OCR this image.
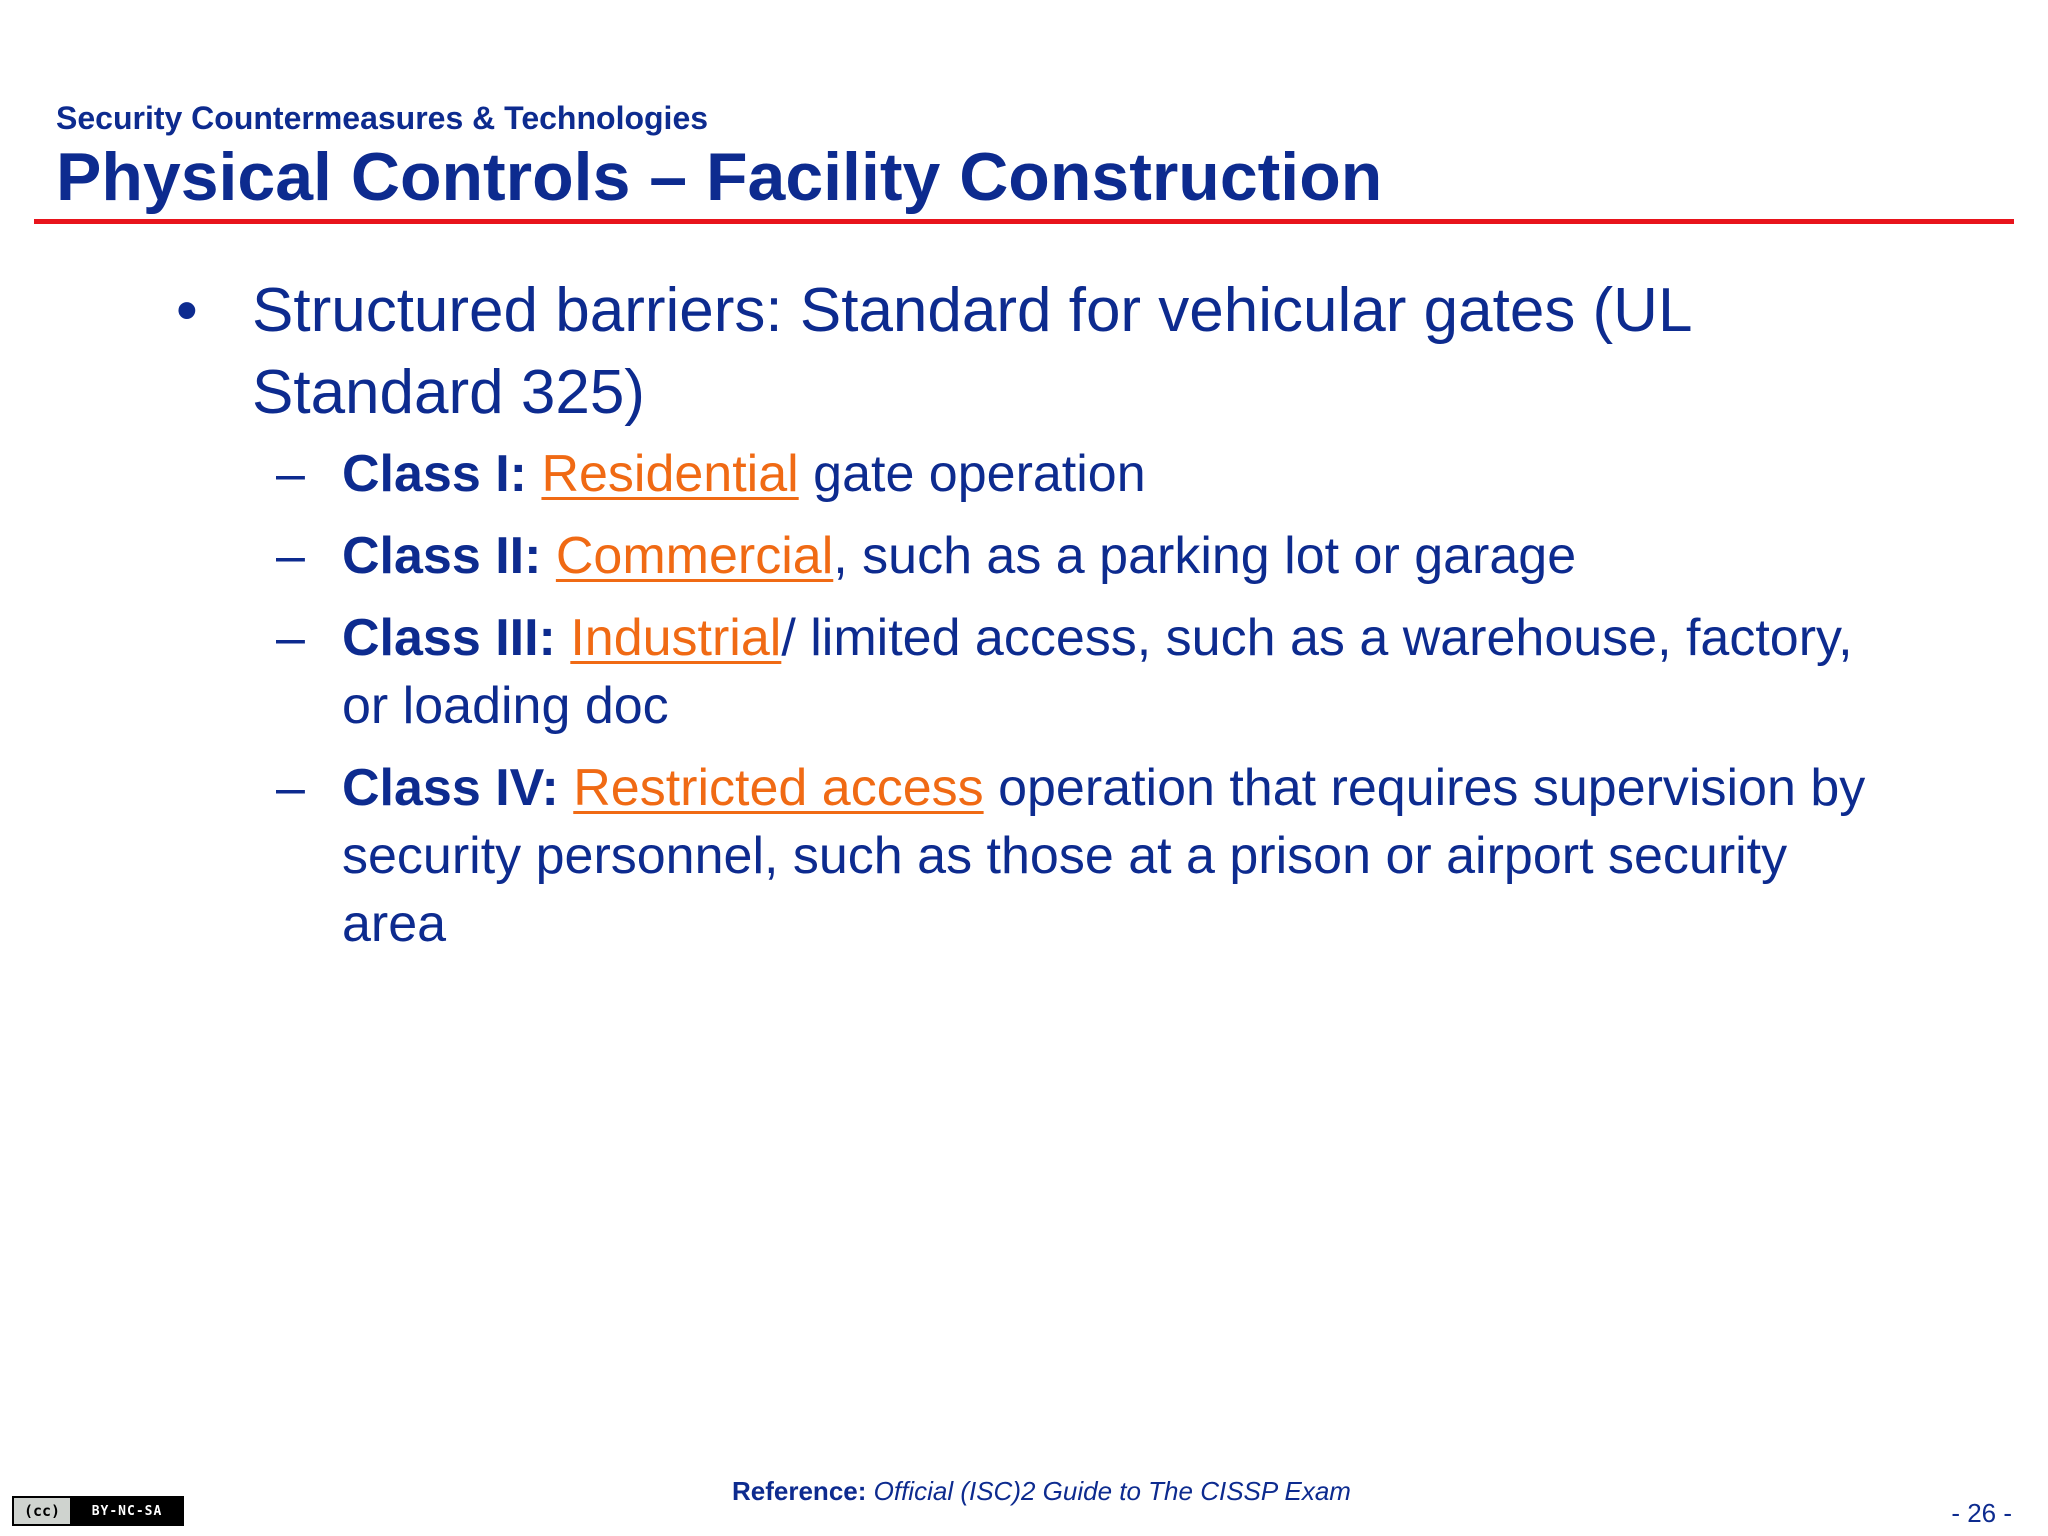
Security Countermeasures & Technologies
Physical Controls – Facility Construction
• Structured barriers: Standard for vehicular gates (UL Standard 325)
– Class I: Residential gate operation
– Class II: Commercial, such as a parking lot or garage
– Class III: Industrial/ limited access, such as a warehouse, factory, or loading doc
– Class IV: Restricted access operation that requires supervision by security personnel, such as those at a prison or airport security area
(cc)	BY-NC-SA
Reference: Official (ISC)2 Guide to The CISSP Exam
- 26 -
